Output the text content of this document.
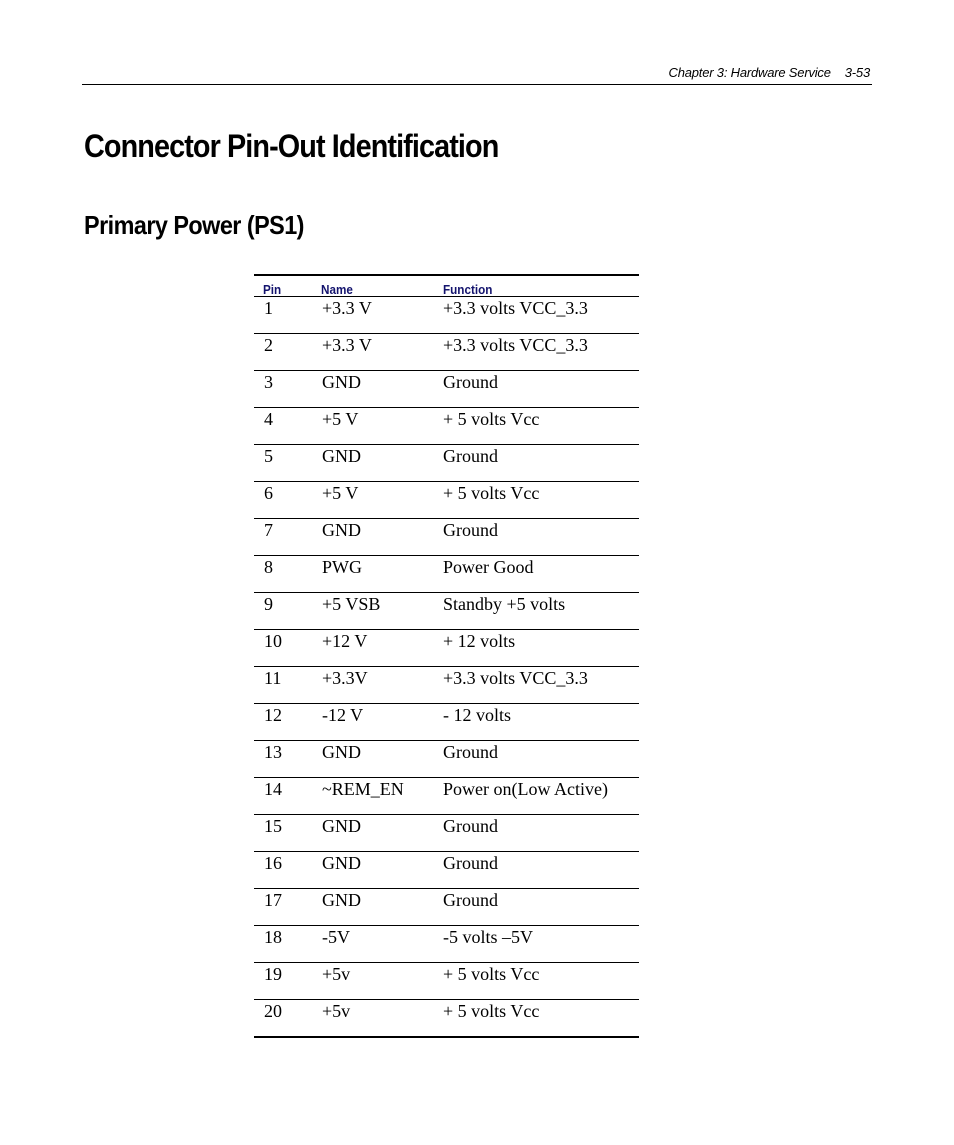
Chapter 3: Hardware Service 3-53
Connector Pin-Out Identification
Primary Power (PS1)
Pin	Name	Function
1	+3.3 V	+3.3 volts VCC_3.3
2	+3.3 V	+3.3 volts VCC_3.3
3	GND	Ground
4	+5 V	+ 5 volts Vcc
5	GND	Ground
6	+5 V	+ 5 volts Vcc
7	GND	Ground
8	PWG	Power Good
9	+5 VSB	Standby +5 volts
10	+12 V	+ 12 volts
11	+3.3V	+3.3 volts VCC_3.3
12	-12 V	- 12 volts
13	GND	Ground
14	~REM_EN	Power on(Low Active)
15	GND	Ground
16	GND	Ground
17	GND	Ground
18	-5V	-5 volts –5V
19	+5v	+ 5 volts Vcc
20	+5v	+ 5 volts Vcc
